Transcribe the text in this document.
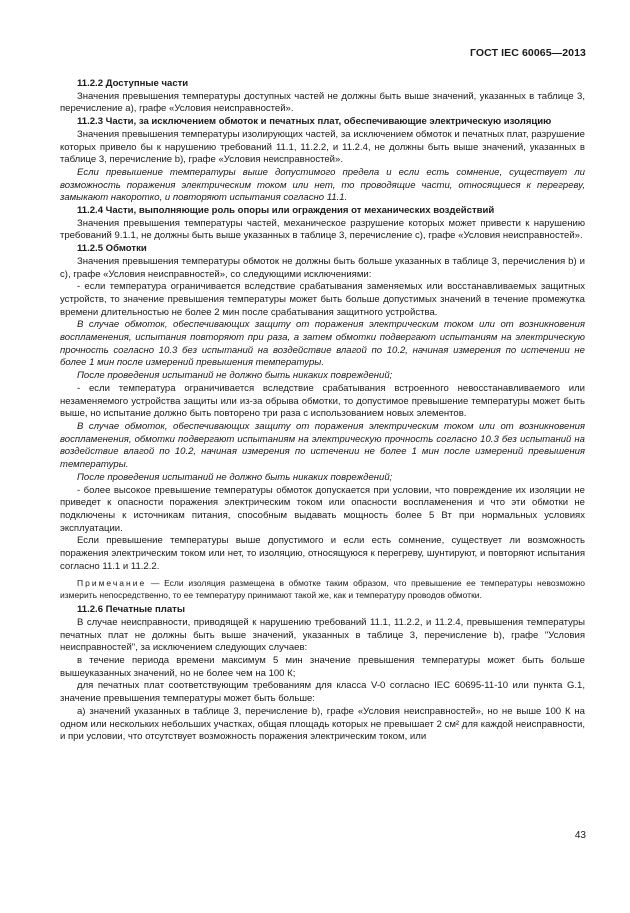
ГОСТ IEC 60065—2013

11.2.2 Доступные части

Значения превышения температуры доступных частей не должны быть выше значений, указанных в таблице 3, перечисление а), графе «Условия неисправностей».

11.2.3 Части, за исключением обмоток и печатных плат, обеспечивающие электрическую изоляцию

Значения превышения температуры изолирующих частей, за исключением обмоток и печатных плат, разрушение которых привело бы к нарушению требований 11.1, 11.2.2, и 11.2.4, не должны быть выше значений, указанных в таблице 3, перечисление b), графе «Условия неисправностей».

Если превышение температуры выше допустимого предела и если есть сомнение, существует ли возможность поражения электрическим током или нет, то проводящие части, относящиеся к перегреву, замыкают накоротко, и повторяют испытания согласно 11.1.

11.2.4 Части, выполняющие роль опоры или ограждения от механических воздействий

Значения превышения температуры частей, механическое разрушение которых может привести к нарушению требований 9.1.1, не должны быть выше указанных в таблице 3, перечисление с), графе «Условия неисправностей».

11.2.5 Обмотки

Значения превышения температуры обмоток не должны быть больше указанных в таблице 3, перечисления b) и с), графе «Условия неисправностей», со следующими исключениями:

- если температура ограничивается вследствие срабатывания заменяемых или восстанавливаемых защитных устройств, то значение превышения температуры может быть больше допустимых значений в течение промежутка времени длительностью не более 2 мин после срабатывания защитного устройства.

В случае обмоток, обеспечивающих защиту от поражения электрическим током или от возникновения воспламенения, испытания повторяют при раза, а затем обмотки подвергают испытаниям на электрическую прочность согласно 10.3 без испытаний на воздействие влагой по 10.2, начиная измерения по истечении не более 1 мин после измерений превышения температуры.

После проведения испытаний не должно быть никаких повреждений;

- если температура ограничивается вследствие срабатывания встроенного невосстанавливаемого или незаменяемого устройства защиты или из-за обрыва обмотки, то допустимое превышение температуры может быть выше, но испытание должно быть повторено три раза с использованием новых элементов.

В случае обмоток, обеспечивающих защиту от поражения электрическим током или от возникновения воспламенения, обмотки подвергают испытаниям на электрическую прочность согласно 10.3 без испытаний на воздействие влагой по 10.2, начиная измерения по истечении не более 1 мин после измерений превышения температуры.

После проведения испытаний не должно быть никаких повреждений;

- более высокое превышение температуры обмоток допускается при условии, что повреждение их изоляции не приведет к опасности поражения электрическим током или опасности воспламенения и что эти обмотки не подключены к источникам питания, способным выдавать мощность более 5 Вт при нормальных условиях эксплуатации.

Если превышение температуры выше допустимого и если есть сомнение, существует ли возможность поражения электрическим током или нет, то изоляцию, относящуюся к перегреву, шунтируют, и повторяют испытания согласно 11.1 и 11.2.2.

Примечание — Если изоляция размещена в обмотке таким образом, что превышение ее температуры невозможно измерить непосредственно, то ее температуру принимают такой же, как и температуру проводов обмотки.

11.2.6 Печатные платы

В случае неисправности, приводящей к нарушению требований 11.1, 11.2.2, и 11.2.4, превышения температуры печатных плат не должны быть выше значений, указанных в таблице 3, перечисление b), графе "Условия неисправностей", за исключением следующих случаев:

в течение периода времени максимум 5 мин значение превышения температуры может быть больше вышеуказанных значений, но не более чем на 100 К;

для печатных плат соответствующим требованиям для класса V-0 согласно IEC 60695-11-10 или пункта G.1, значение превышения температуры может быть больше:

а) значений указанных в таблице 3, перечисление b), графе «Условия неисправностей», но не выше 100 К на одном или нескольких небольших участках, общая площадь которых не превышает 2 см² для каждой неисправности, и при условии, что отсутствует возможность поражения электрическим током, или

43
